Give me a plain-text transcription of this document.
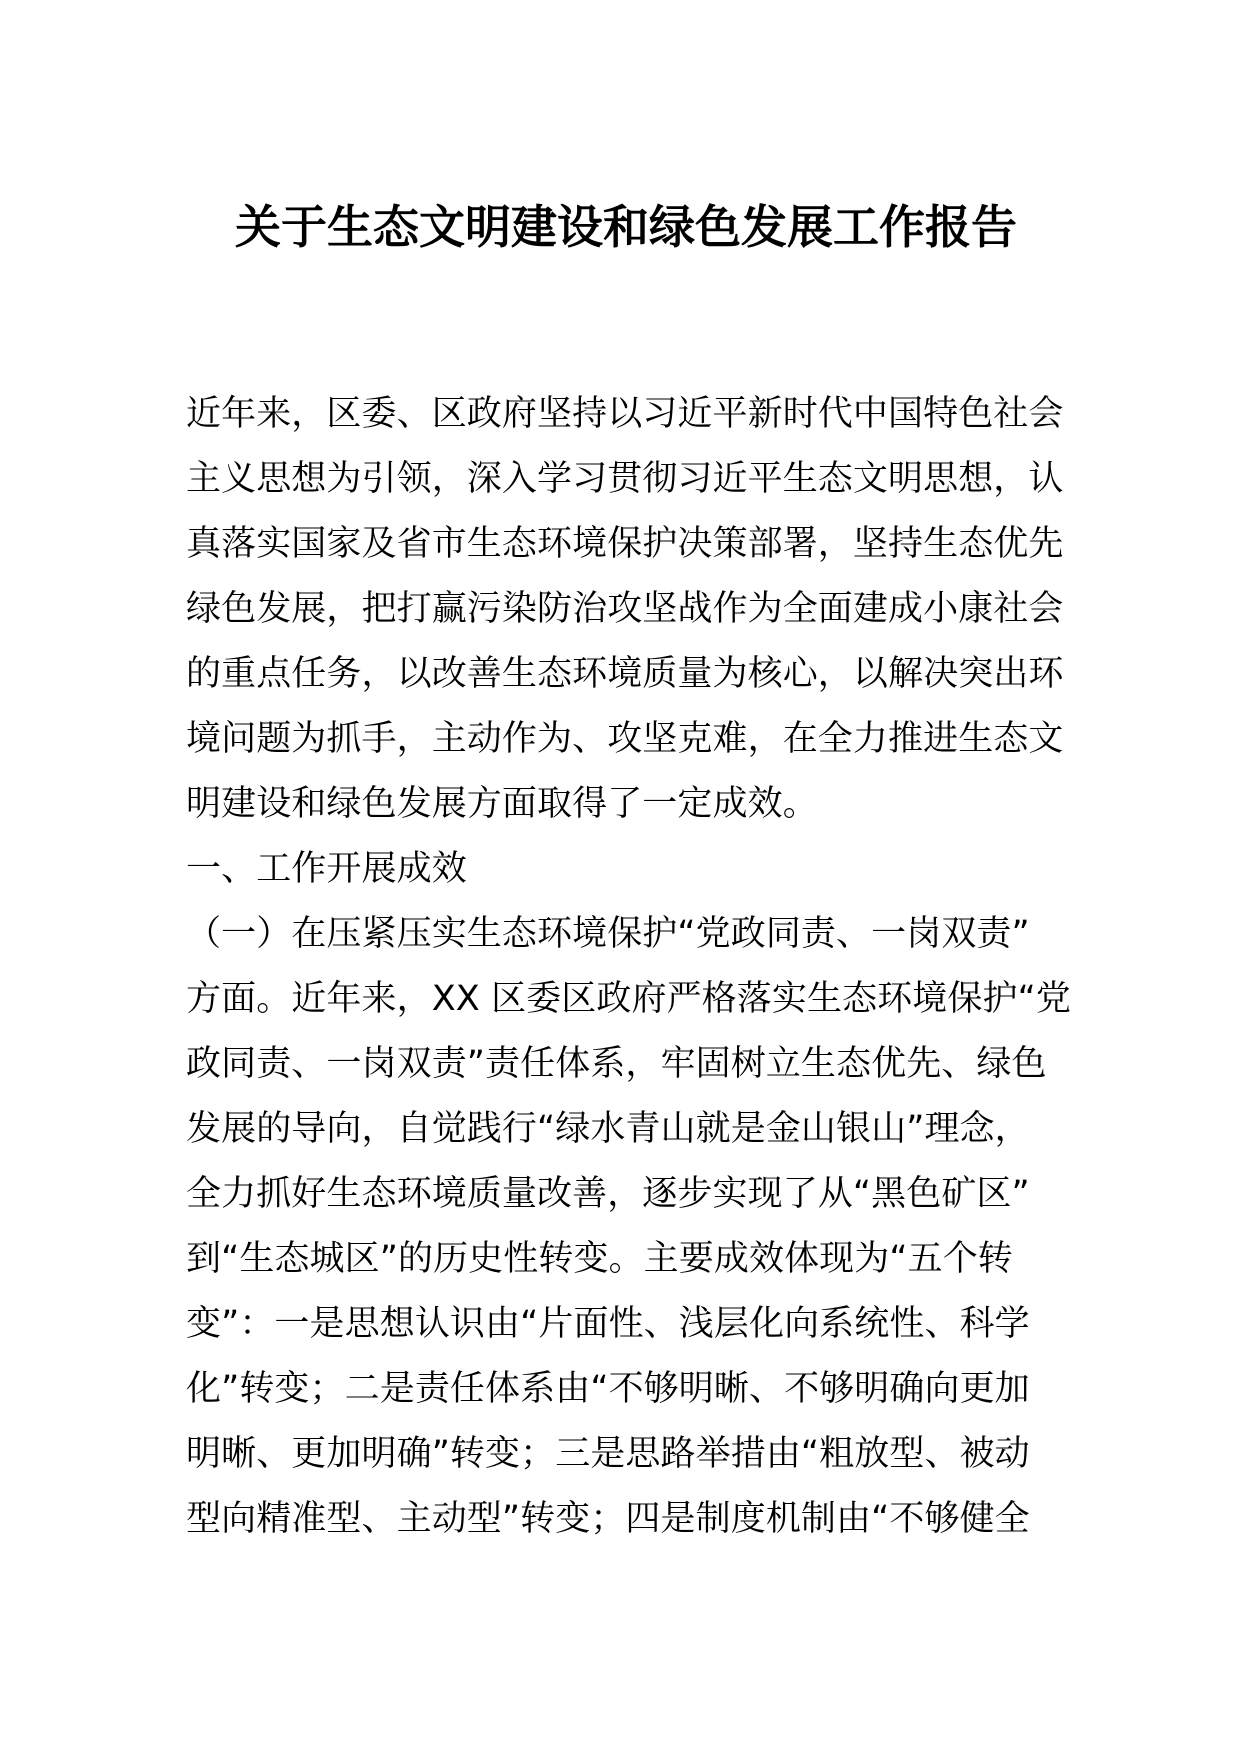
关于生态文明建设和绿色发展工作报告
近年来，区委、区政府坚持以习近平新时代中国特色社会
主义思想为引领，深入学习贯彻习近平生态文明思想，认
真落实国家及省市生态环境保护决策部署，坚持生态优先
绿色发展，把打赢污染防治攻坚战作为全面建成小康社会
的重点任务，以改善生态环境质量为核心，以解决突出环
境问题为抓手，主动作为、攻坚克难，在全力推进生态文
明建设和绿色发展方面取得了一定成效。
一、工作开展成效
（一）在压紧压实生态环境保护“党政同责、一岗双责”
方面。近年来，XX 区委区政府严格落实生态环境保护“党
政同责、一岗双责”责任体系，牢固树立生态优先、绿色
发展的导向，自觉践行“绿水青山就是金山银山”理念，
全力抓好生态环境质量改善，逐步实现了从“黑色矿区”
到“生态城区”的历史性转变。主要成效体现为“五个转
变”：一是思想认识由“片面性、浅层化向系统性、科学
化”转变；二是责任体系由“不够明晰、不够明确向更加
明晰、更加明确”转变；三是思路举措由“粗放型、被动
型向精准型、主动型”转变；四是制度机制由“不够健全
